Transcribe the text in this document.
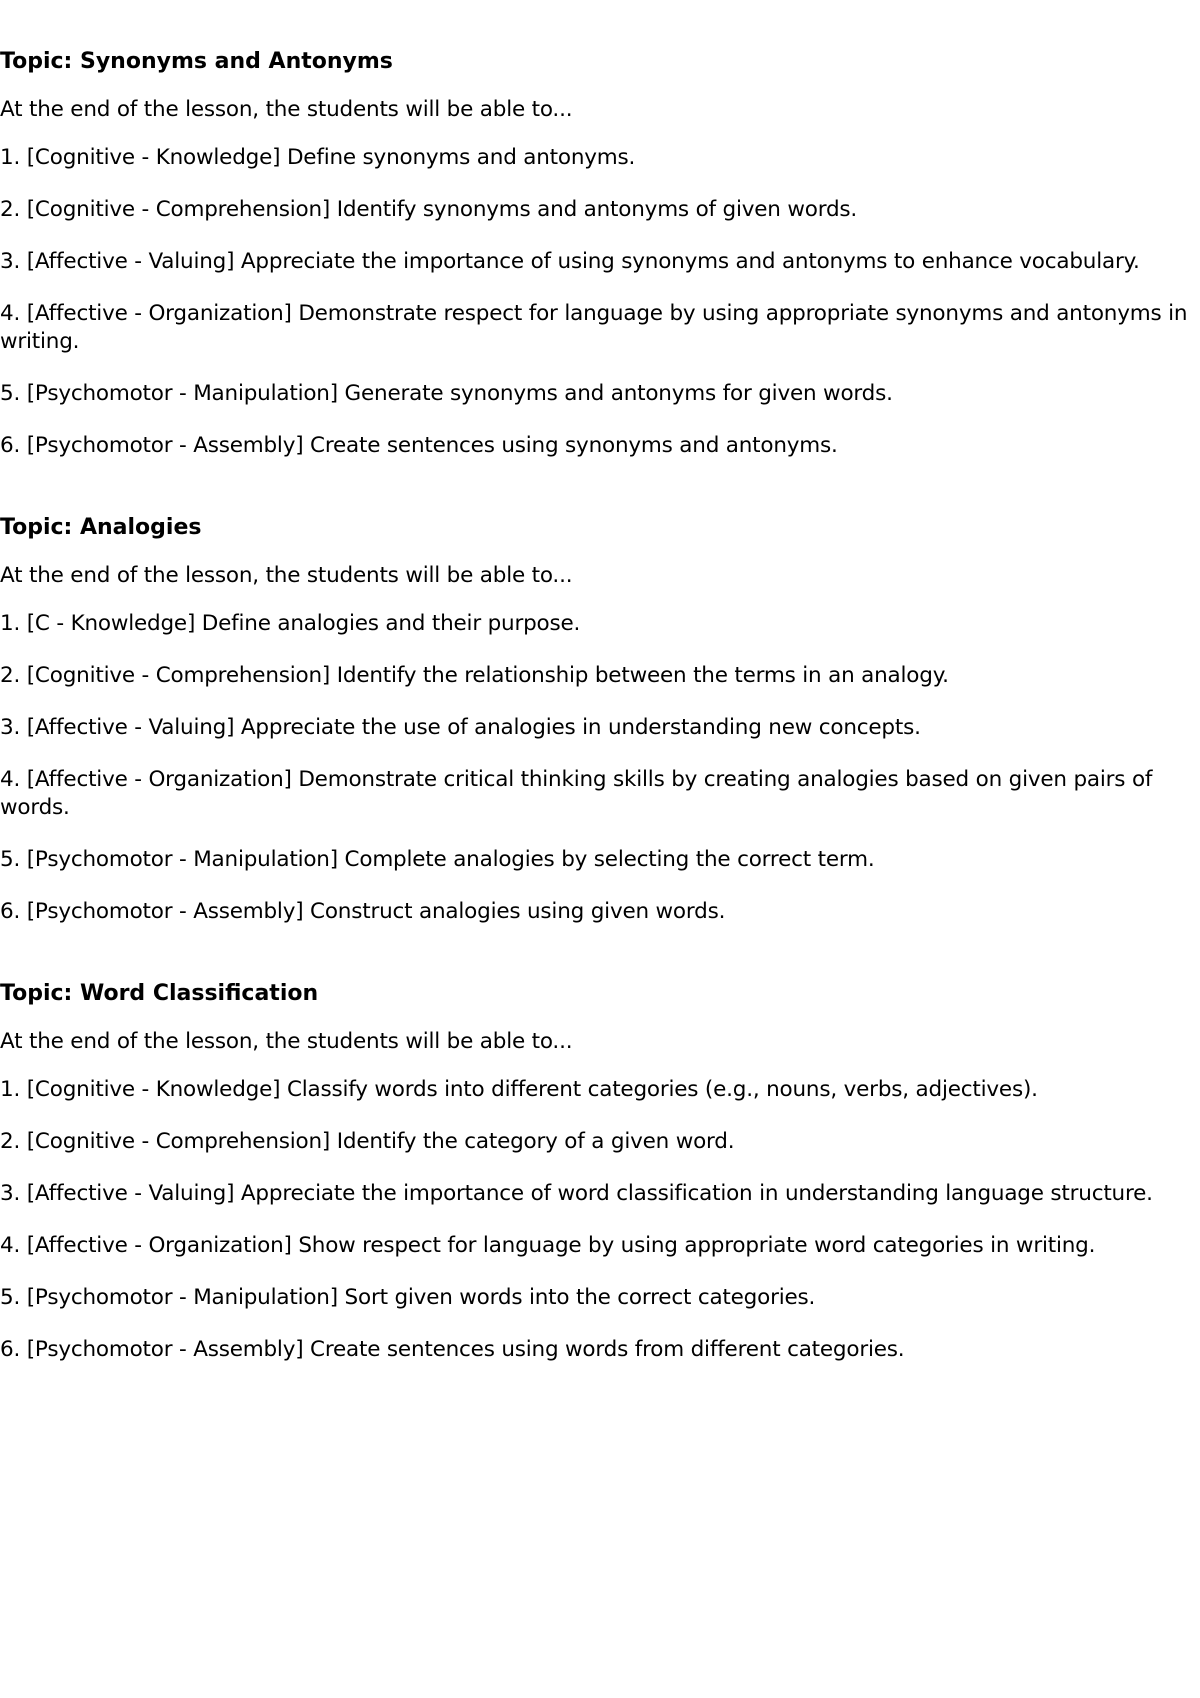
Topic: Synonyms and Antonyms

At the end of the lesson, the students will be able to...

1. [Cognitive - Knowledge] Define synonyms and antonyms.

2. [Cognitive - Comprehension] Identify synonyms and antonyms of given words.

3. [Affective - Valuing] Appreciate the importance of using synonyms and antonyms to enhance vocabulary.

4. [Affective - Organization] Demonstrate respect for language by using appropriate synonyms and antonyms in writing.

5. [Psychomotor - Manipulation] Generate synonyms and antonyms for given words.

6. [Psychomotor - Assembly] Create sentences using synonyms and antonyms.

Topic: Analogies

At the end of the lesson, the students will be able to...

1. [C - Knowledge] Define analogies and their purpose.

2. [Cognitive - Comprehension] Identify the relationship between the terms in an analogy.

3. [Affective - Valuing] Appreciate the use of analogies in understanding new concepts.

4. [Affective - Organization] Demonstrate critical thinking skills by creating analogies based on given pairs of words.

5. [Psychomotor - Manipulation] Complete analogies by selecting the correct term.

6. [Psychomotor - Assembly] Construct analogies using given words.

Topic: Word Classification

At the end of the lesson, the students will be able to...

1. [Cognitive - Knowledge] Classify words into different categories (e.g., nouns, verbs, adjectives).

2. [Cognitive - Comprehension] Identify the category of a given word.

3. [Affective - Valuing] Appreciate the importance of word classification in understanding language structure.

4. [Affective - Organization] Show respect for language by using appropriate word categories in writing.

5. [Psychomotor - Manipulation] Sort given words into the correct categories.

6. [Psychomotor - Assembly] Create sentences using words from different categories.
